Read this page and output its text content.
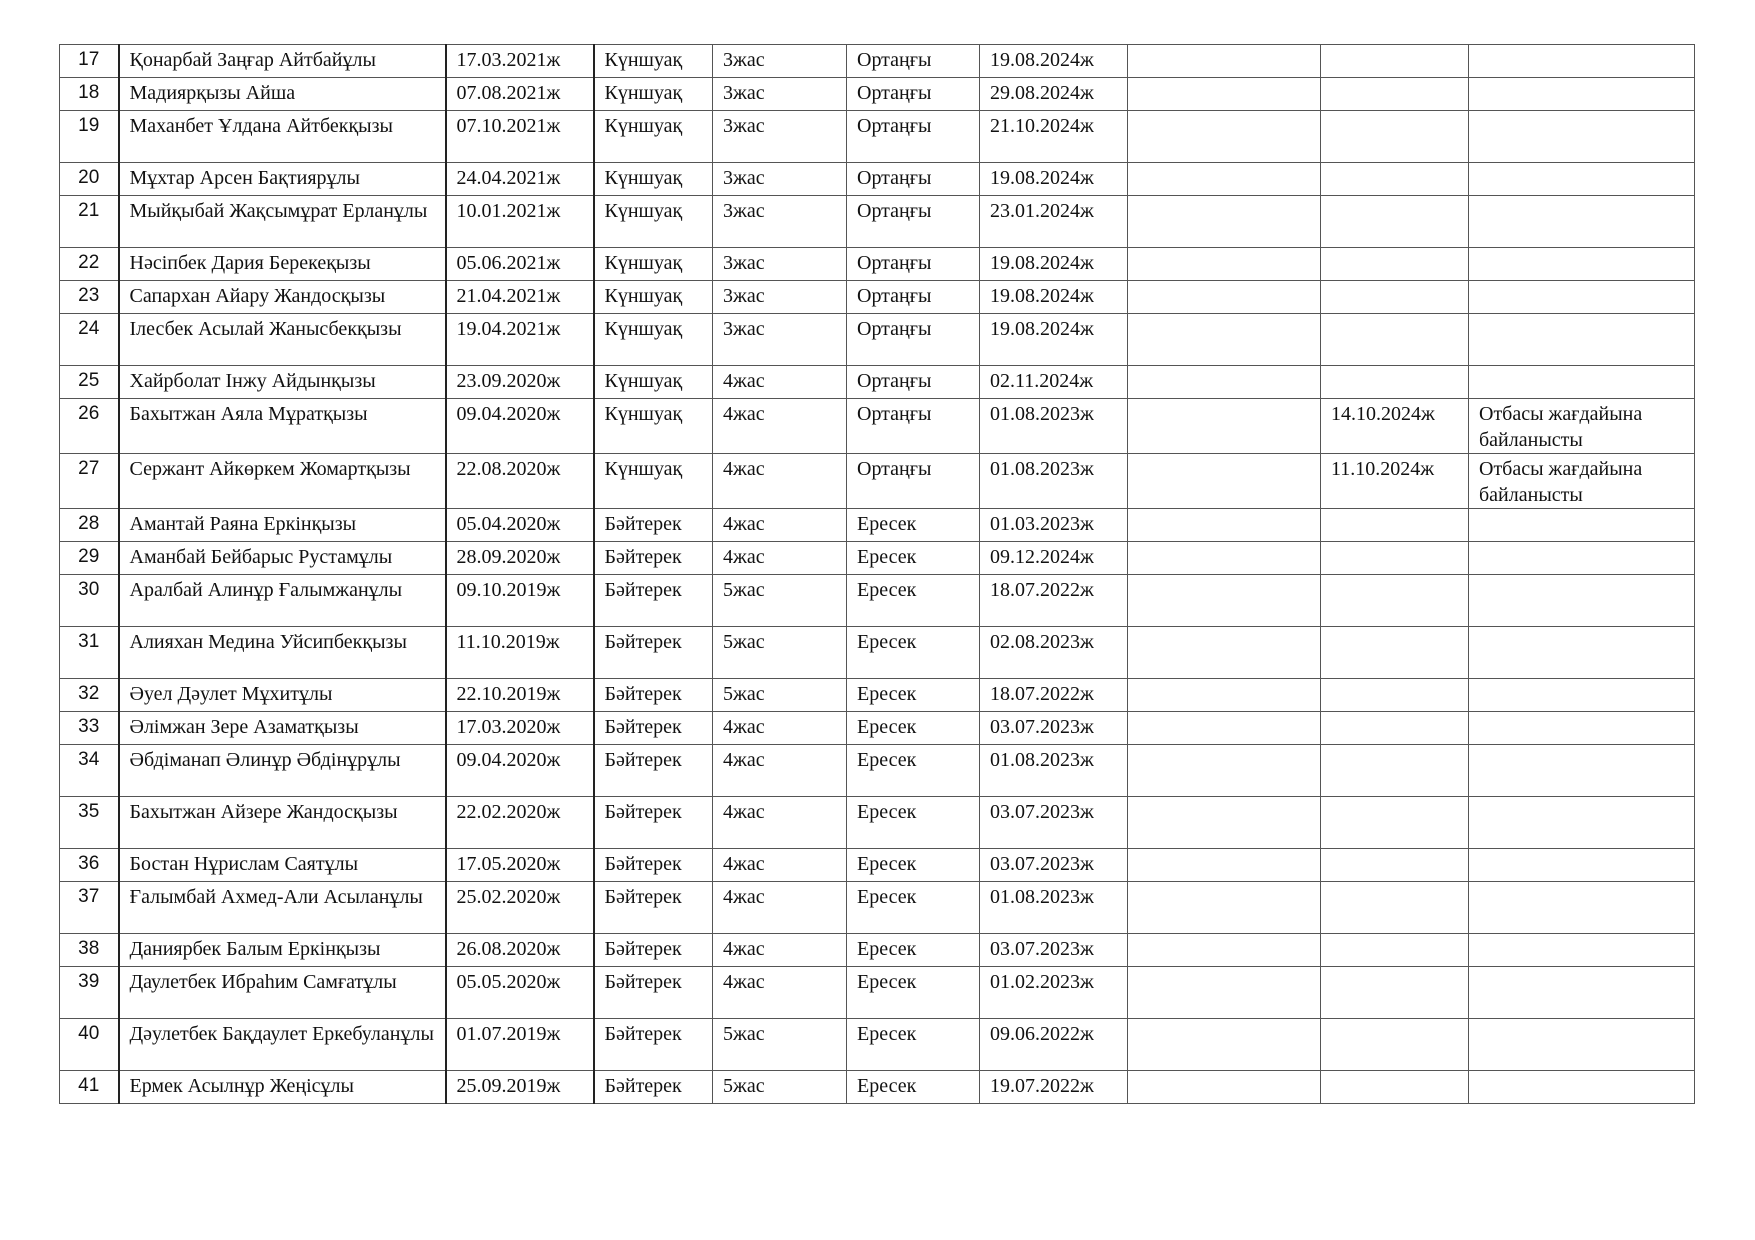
17	Қонарбай Заңғар Айтбайұлы	17.03.2021ж	Күншуақ	3жас	Ортаңғы	19.08.2024ж			
18	Мадиярқызы Айша	07.08.2021ж	Күншуақ	3жас	Ортаңғы	29.08.2024ж			
19	Маханбет Ұлдана Айтбекқызы	07.10.2021ж	Күншуақ	3жас	Ортаңғы	21.10.2024ж			
20	Мұхтар Арсен Бақтиярұлы	24.04.2021ж	Күншуақ	3жас	Ортаңғы	19.08.2024ж			
21	Мыйқыбай Жақсымұрат Ерланұлы	10.01.2021ж	Күншуақ	3жас	Ортаңғы	23.01.2024ж			
22	Нәсіпбек Дария Берекеқызы	05.06.2021ж	Күншуақ	3жас	Ортаңғы	19.08.2024ж			
23	Сапархан Айару Жандосқызы	21.04.2021ж	Күншуақ	3жас	Ортаңғы	19.08.2024ж			
24	Ілесбек Асылай Жанысбекқызы	19.04.2021ж	Күншуақ	3жас	Ортаңғы	19.08.2024ж			
25	Хайрболат Інжу Айдынқызы	23.09.2020ж	Күншуақ	4жас	Ортаңғы	02.11.2024ж			
26	Бахытжан Аяла Мұратқызы	09.04.2020ж	Күншуақ	4жас	Ортаңғы	01.08.2023ж		14.10.2024ж	Отбасы жағдайына байланысты
27	Сержант Айкөркем Жомартқызы	22.08.2020ж	Күншуақ	4жас	Ортаңғы	01.08.2023ж		11.10.2024ж	Отбасы жағдайына байланысты
28	Амантай Раяна Еркінқызы	05.04.2020ж	Бәйтерек	4жас	Ересек	01.03.2023ж			
29	Аманбай Бейбарыс Рустамұлы	28.09.2020ж	Бәйтерек	4жас	Ересек	09.12.2024ж			
30	Аралбай Алинұр Ғалымжанұлы	09.10.2019ж	Бәйтерек	5жас	Ересек	18.07.2022ж			
31	Алияхан Медина Уйсипбекқызы	11.10.2019ж	Бәйтерек	5жас	Ересек	02.08.2023ж			
32	Әуел Дәулет Мұхитұлы	22.10.2019ж	Бәйтерек	5жас	Ересек	18.07.2022ж			
33	Әлімжан Зере Азаматқызы	17.03.2020ж	Бәйтерек	4жас	Ересек	03.07.2023ж			
34	Әбдіманап Әлинұр Әбдінұрұлы	09.04.2020ж	Бәйтерек	4жас	Ересек	01.08.2023ж			
35	Бахытжан Айзере Жандосқызы	22.02.2020ж	Бәйтерек	4жас	Ересек	03.07.2023ж			
36	Бостан Нұрислам Саятұлы	17.05.2020ж	Бәйтерек	4жас	Ересек	03.07.2023ж			
37	Ғалымбай Ахмед-Али Асыланұлы	25.02.2020ж	Бәйтерек	4жас	Ересек	01.08.2023ж			
38	Даниярбек Балым Еркінқызы	26.08.2020ж	Бәйтерек	4жас	Ересек	03.07.2023ж			
39	Даулетбек Ибраһим Самғатұлы	05.05.2020ж	Бәйтерек	4жас	Ересек	01.02.2023ж			
40	Дәулетбек Бақдаулет Еркебуланұлы	01.07.2019ж	Бәйтерек	5жас	Ересек	09.06.2022ж			
41	Ермек Асылнұр Жеңісұлы	25.09.2019ж	Бәйтерек	5жас	Ересек	19.07.2022ж			
